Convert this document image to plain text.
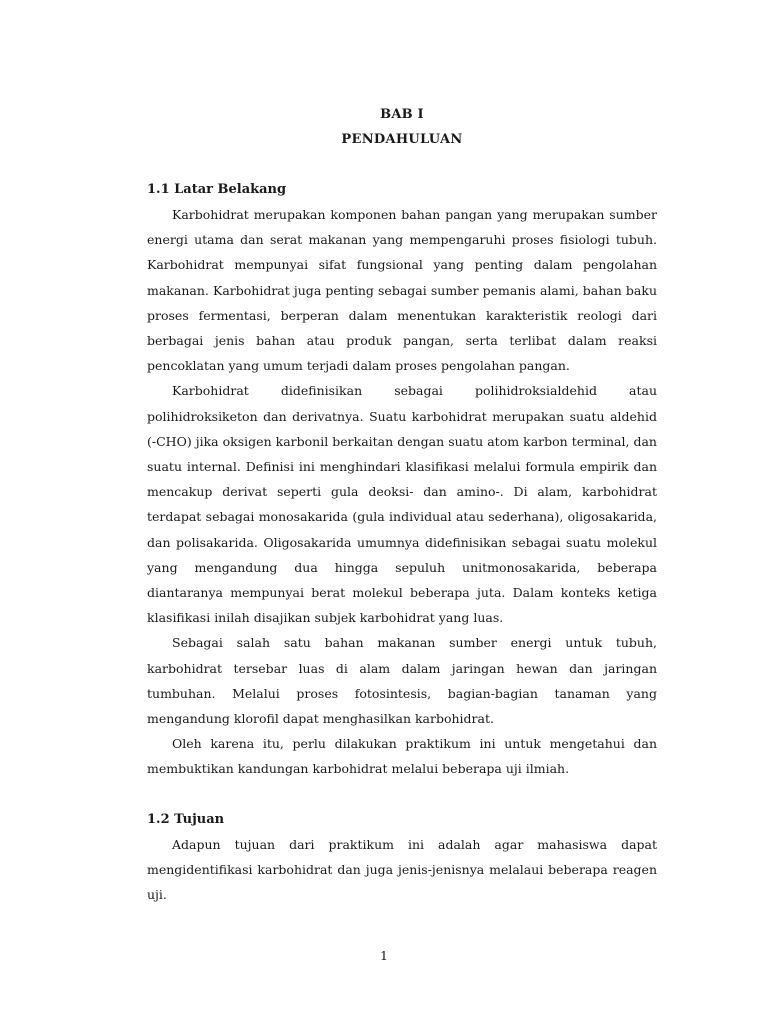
BAB I

PENDAHULUAN

1.1 Latar Belakang

Karbohidrat merupakan komponen bahan pangan yang merupakan sumber energi utama dan serat makanan yang mempengaruhi proses fisiologi tubuh. Karbohidrat mempunyai sifat fungsional yang penting dalam pengolahan makanan. Karbohidrat juga penting sebagai sumber pemanis alami, bahan baku proses fermentasi, berperan dalam menentukan karakteristik reologi dari berbagai jenis bahan atau produk pangan, serta terlibat dalam reaksi pencoklatan yang umum terjadi dalam proses pengolahan pangan.

Karbohidrat didefinisikan sebagai polihidroksialdehid atau polihidroksiketon dan derivatnya. Suatu karbohidrat merupakan suatu aldehid (-CHO) jika oksigen karbonil berkaitan dengan suatu atom karbon terminal, dan suatu internal. Definisi ini menghindari klasifikasi melalui formula empirik dan mencakup derivat seperti gula deoksi- dan amino-. Di alam, karbohidrat terdapat sebagai monosakarida (gula individual atau sederhana), oligosakarida, dan polisakarida. Oligosakarida umumnya didefinisikan sebagai suatu molekul yang mengandung dua hingga sepuluh unitmonosakarida, beberapa diantaranya mempunyai berat molekul beberapa juta. Dalam konteks ketiga klasifikasi inilah disajikan subjek karbohidrat yang luas.

Sebagai salah satu bahan makanan sumber energi untuk tubuh, karbohidrat tersebar luas di alam dalam jaringan hewan dan jaringan tumbuhan. Melalui proses fotosintesis, bagian-bagian tanaman yang mengandung klorofil dapat menghasilkan karbohidrat.

Oleh karena itu, perlu dilakukan praktikum ini untuk mengetahui dan membuktikan kandungan karbohidrat melalui beberapa uji ilmiah.

1.2 Tujuan

Adapun tujuan dari praktikum ini adalah agar mahasiswa dapat mengidentifikasi karbohidrat dan juga jenis-jenisnya melalaui beberapa reagen uji.

1
